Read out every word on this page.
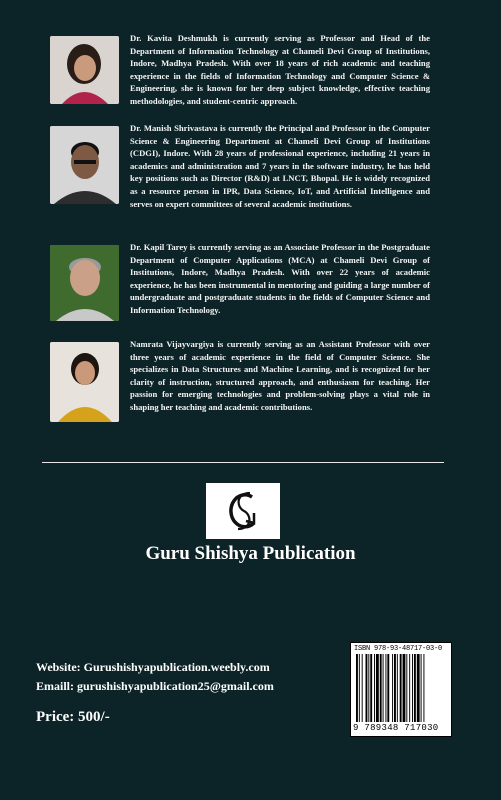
Dr. Kavita Deshmukh is currently serving as Professor and Head of the Department of Information Technology at Chameli Devi Group of Institutions, Indore, Madhya Pradesh. With over 18 years of rich academic and teaching experience in the fields of Information Technology and Computer Science & Engineering, she is known for her deep subject knowledge, effective teaching methodologies, and student-centric approach.
Dr. Manish Shrivastava is currently the Principal and Professor in the Computer Science & Engineering Department at Chameli Devi Group of Institutions (CDGI), Indore. With 28 years of professional experience, including 21 years in academics and administration and 7 years in the software industry, he has held key positions such as Director (R&D) at LNCT, Bhopal. He is widely recognized as a resource person in IPR, Data Science, IoT, and Artificial Intelligence and serves on expert committees of several academic institutions.
Dr. Kapil Tarey is currently serving as an Associate Professor in the Postgraduate Department of Computer Applications (MCA) at Chameli Devi Group of Institutions, Indore, Madhya Pradesh. With over 22 years of academic experience, he has been instrumental in mentoring and guiding a large number of undergraduate and postgraduate students in the fields of Computer Science and Information Technology.
Namrata Vijayvargiya is currently serving as an Assistant Professor with over three years of academic experience in the field of Computer Science. She specializes in Data Structures and Machine Learning, and is recognized for her clarity of instruction, structured approach, and enthusiasm for teaching. Her passion for emerging technologies and problem-solving plays a vital role in shaping her teaching and academic contributions.
Guru Shishya Publication
Website: Gurushishyapublication.weebly.com
Emaill: gurushishyapublication25@gmail.com
Price: 500/-
ISBN 978-93-48717-03-0
9 789348 717030
